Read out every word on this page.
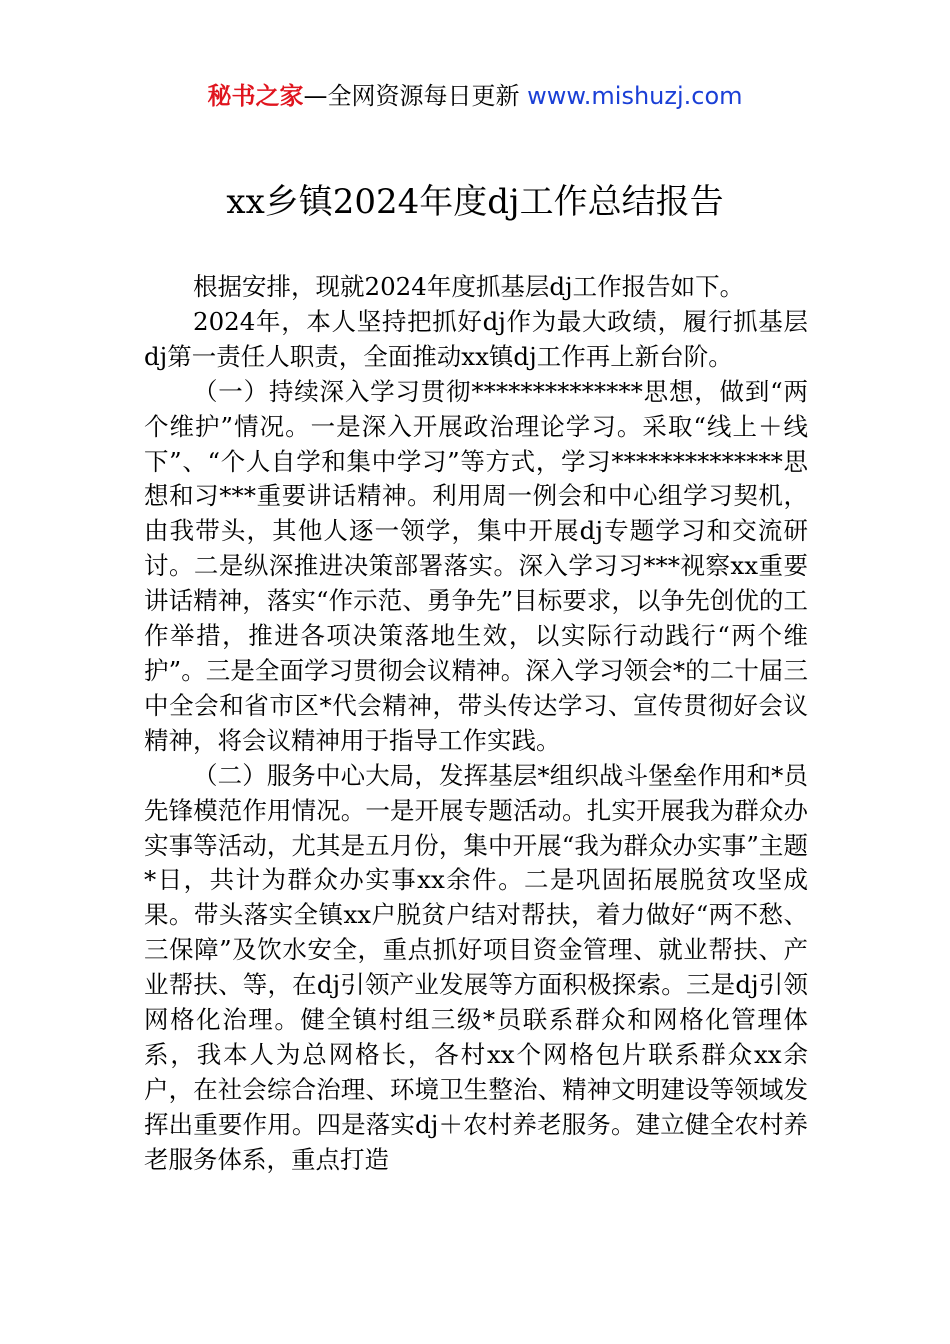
秘书之家—全网资源每日更新 www.mishuzj.com
xx乡镇2024年度dj工作总结报告

根据安排，现就2024年度抓基层dj工作报告如下。

2024年，本人坚持把抓好dj作为最大政绩，履行抓基层dj第一责任人职责，全面推动xx镇dj工作再上新台阶。

（一）持续深入学习贯彻**************思想，做到“两个维护”情况。一是深入开展政治理论学习。采取“线上＋线下”、“个人自学和集中学习”等方式，学习**************思想和习***重要讲话精神。利用周一例会和中心组学习契机，由我带头，其他人逐一领学，集中开展dj专题学习和交流研讨。二是纵深推进决策部署落实。深入学习习***视察xx重要讲话精神，落实“作示范、勇争先”目标要求，以争先创优的工作举措，推进各项决策落地生效，以实际行动践行“两个维护”。三是全面学习贯彻会议精神。深入学习领会*的二十届三中全会和省市区*代会精神，带头传达学习、宣传贯彻好会议精神，将会议精神用于指导工作实践。

（二）服务中心大局，发挥基层*组织战斗堡垒作用和*员先锋模范作用情况。一是开展专题活动。扎实开展我为群众办实事等活动，尤其是五月份，集中开展“我为群众办实事”主题*日，共计为群众办实事xx余件。二是巩固拓展脱贫攻坚成果。带头落实全镇xx户脱贫户结对帮扶，着力做好“两不愁、三保障”及饮水安全，重点抓好项目资金管理、就业帮扶、产业帮扶、等，在dj引领产业发展等方面积极探索。三是dj引领网格化治理。健全镇村组三级*员联系群众和网格化管理体系，我本人为总网格长，各村xx个网格包片联系群众xx余户，在社会综合治理、环境卫生整治、精神文明建设等领域发挥出重要作用。四是落实dj＋农村养老服务。建立健全农村养老服务体系，重点打造
